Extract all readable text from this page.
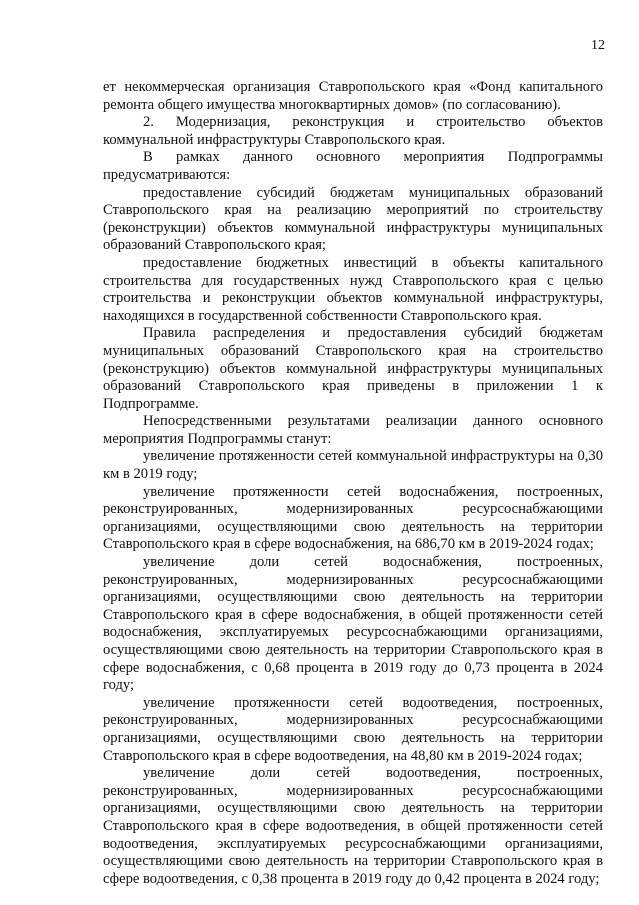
12

ет некоммерческая организация Ставропольского края «Фонд капитального ремонта общего имущества многоквартирных домов» (по согласованию).

2. Модернизация, реконструкция и строительство объектов коммунальной инфраструктуры Ставропольского края.

В рамках данного основного мероприятия Подпрограммы предусматриваются:

предоставление субсидий бюджетам муниципальных образований Ставропольского края на реализацию мероприятий по строительству (реконструкции) объектов коммунальной инфраструктуры муниципальных образований Ставропольского края;

предоставление бюджетных инвестиций в объекты капитального строительства для государственных нужд Ставропольского края с целью строительства и реконструкции объектов коммунальной инфраструктуры, находящихся в государственной собственности Ставропольского края.

Правила распределения и предоставления субсидий бюджетам муниципальных образований Ставропольского края на строительство (реконструкцию) объектов коммунальной инфраструктуры муниципальных образований Ставропольского края приведены в приложении 1 к Подпрограмме.

Непосредственными результатами реализации данного основного мероприятия Подпрограммы станут:

увеличение протяженности сетей коммунальной инфраструктуры на 0,30 км в 2019 году;

увеличение протяженности сетей водоснабжения, построенных, реконструированных, модернизированных ресурсоснабжающими организациями, осуществляющими свою деятельность на территории Ставропольского края в сфере водоснабжения, на 686,70 км в 2019-2024 годах;

увеличение доли сетей водоснабжения, построенных, реконструированных, модернизированных ресурсоснабжающими организациями, осуществляющими свою деятельность на территории Ставропольского края в сфере водоснабжения, в общей протяженности сетей водоснабжения, эксплуатируемых ресурсоснабжающими организациями, осуществляющими свою деятельность на территории Ставропольского края в сфере водоснабжения, с 0,68 процента в 2019 году до 0,73 процента в 2024 году;

увеличение протяженности сетей водоотведения, построенных, реконструированных, модернизированных ресурсоснабжающими организациями, осуществляющими свою деятельность на территории Ставропольского края в сфере водоотведения, на 48,80 км в 2019-2024 годах;

увеличение доли сетей водоотведения, построенных, реконструированных, модернизированных ресурсоснабжающими организациями, осуществляющими свою деятельность на территории Ставропольского края в сфере водоотведения, в общей протяженности сетей водоотведения, эксплуатируемых ресурсоснабжающими организациями, осуществляющими свою деятельность на территории Ставропольского края в сфере водоотведения, с 0,38 процента в 2019 году до 0,42 процента в 2024 году;
